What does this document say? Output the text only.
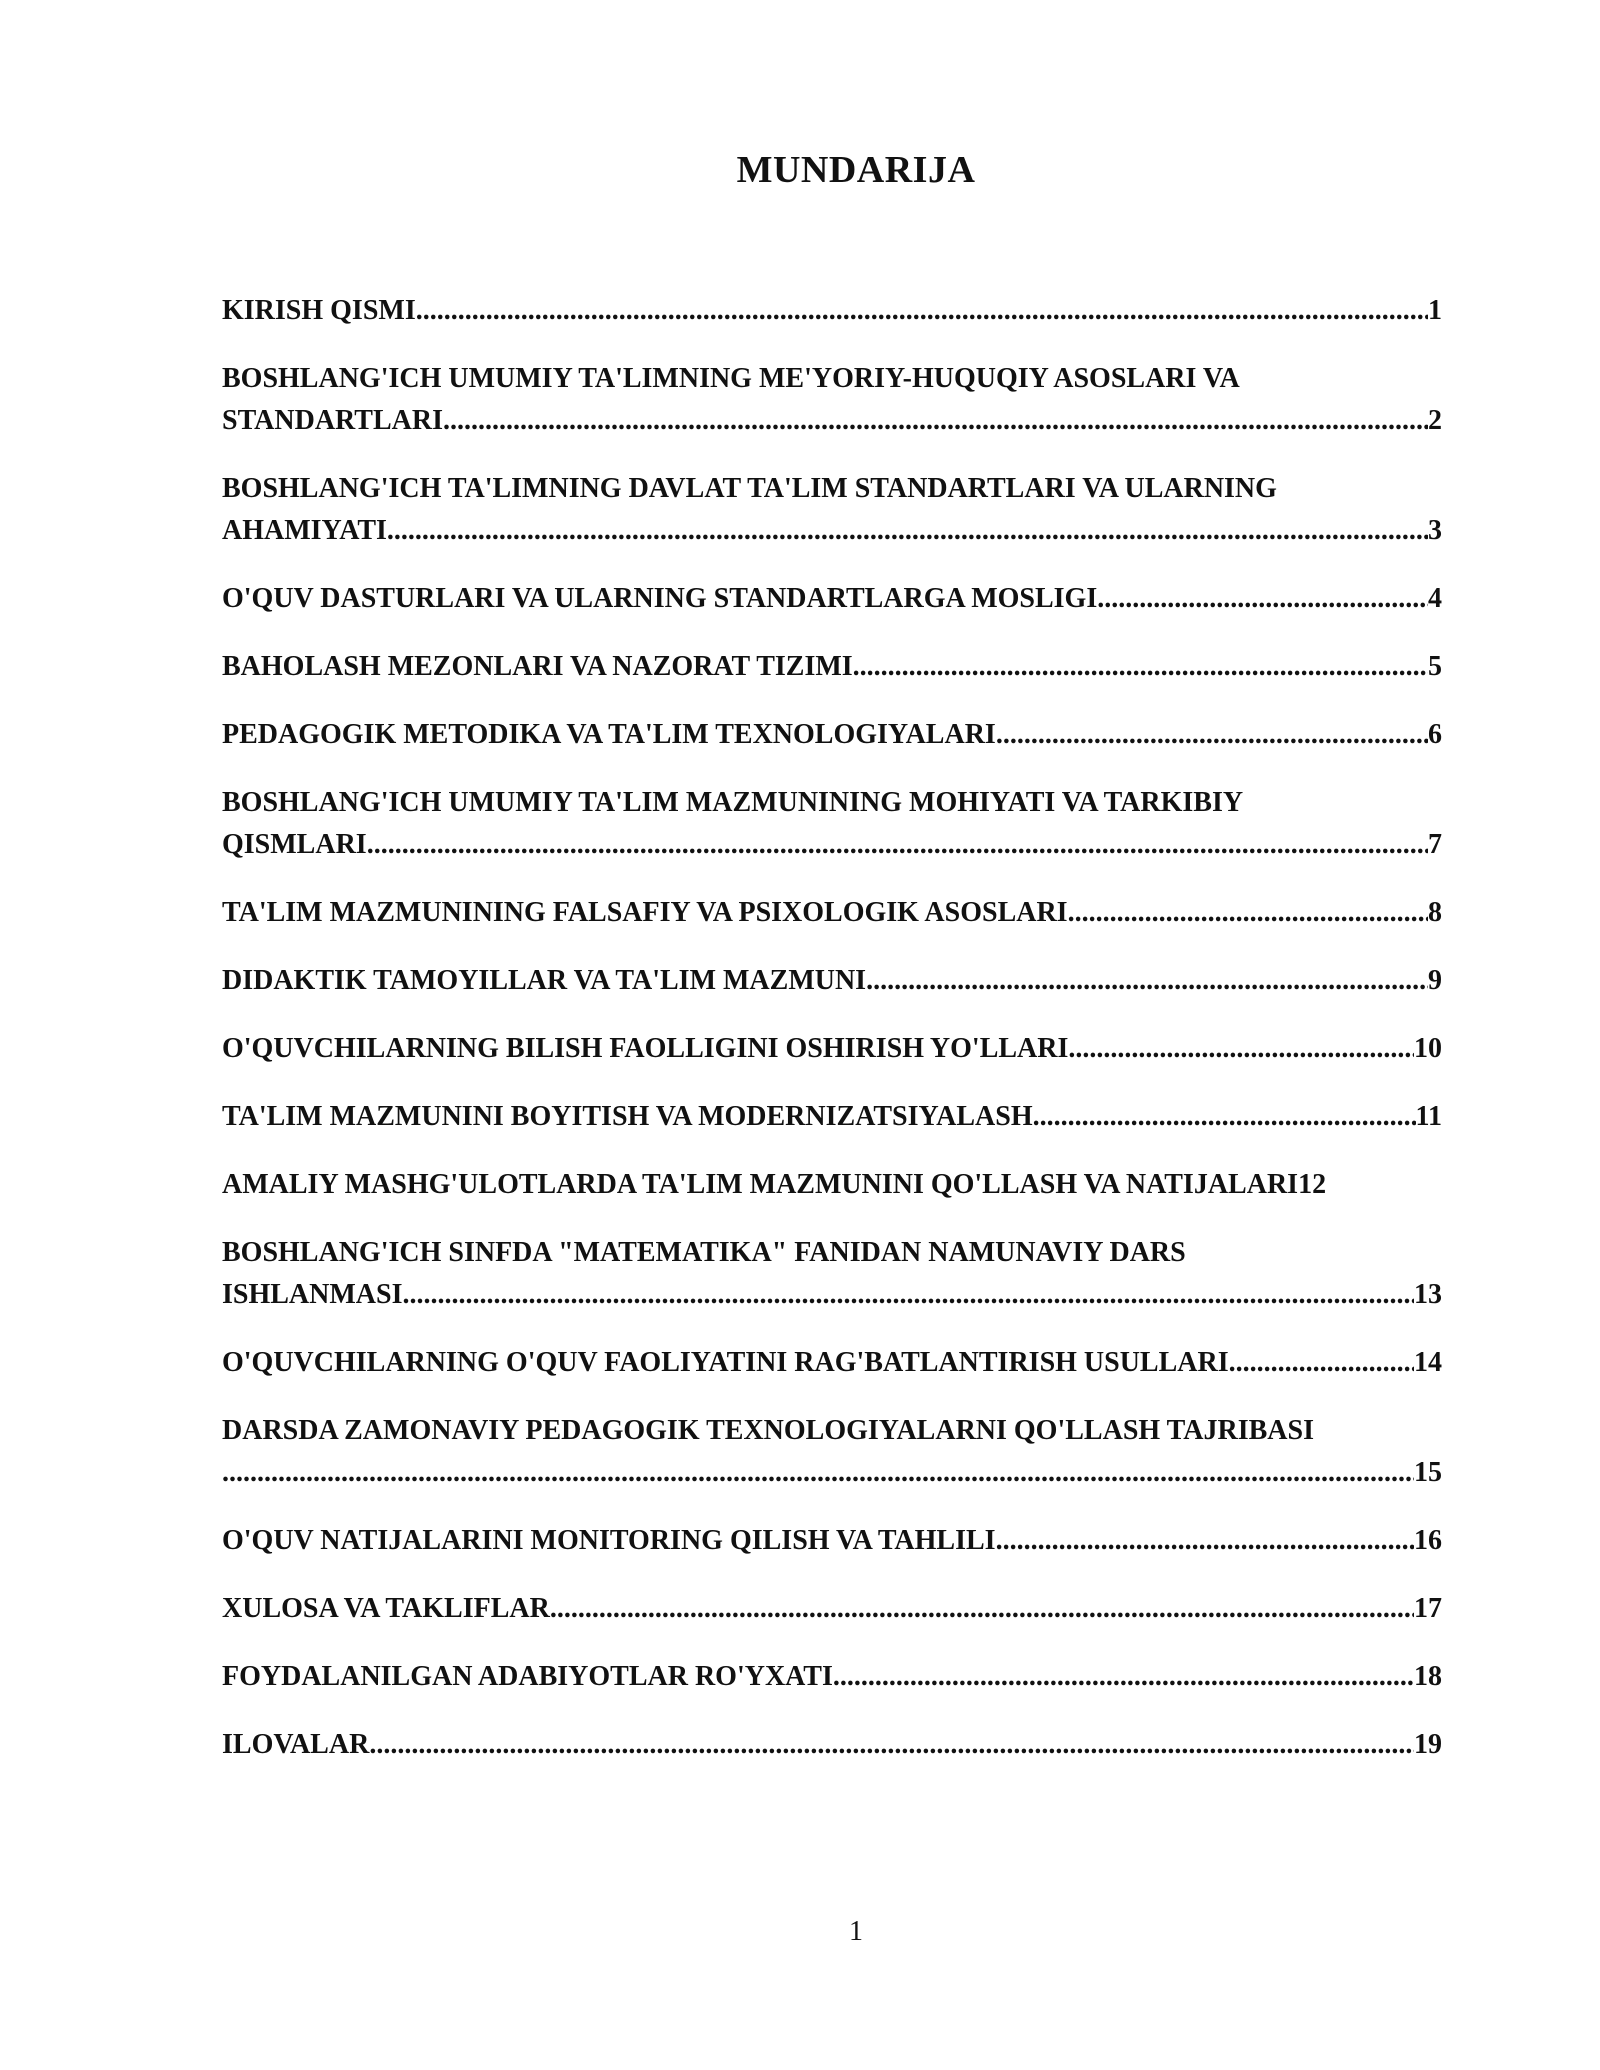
MUNDARIJA
KIRISH QISMI .....	1
BOSHLANG'ICH UMUMIY TA'LIMNING ME'YORIY-HUQUQIY ASOSLARI VA
STANDARTLARI .....	2
BOSHLANG'ICH TA'LIMNING DAVLAT TA'LIM STANDARTLARI VA ULARNING
AHAMIYATI .....	3
O'QUV DASTURLARI VA ULARNING STANDARTLARGA MOSLIGI .....	4
BAHOLASH MEZONLARI VA NAZORAT TIZIMI .....	5
PEDAGOGIK METODIKA VA TA'LIM TEXNOLOGIYALARI .....	6
BOSHLANG'ICH UMUMIY TA'LIM MAZMUNINING MOHIYATI VA TARKIBIY
QISMLARI .....	7
TA'LIM MAZMUNINING FALSAFIY VA PSIXOLOGIK ASOSLARI .....	8
DIDAKTIK TAMOYILLAR VA TA'LIM MAZMUNI .....	9
O'QUVCHILARNING BILISH FAOLLIGINI OSHIRISH YO'LLARI .....	10
TA'LIM MAZMUNINI BOYITISH VA MODERNIZATSIYALASH .....	11
AMALIY MASHG'ULOTLARDA TA'LIM MAZMUNINI QO'LLASH VA NATIJALARI 12
BOSHLANG'ICH SINFDA "MATEMATIKA" FANIDAN NAMUNAVIY DARS
ISHLANMASI .....	13
O'QUVCHILARNING O'QUV FAOLIYATINI RAG'BATLANTIRISH USULLARI .....	14
DARSDA ZAMONAVIY PEDAGOGIK TEXNOLOGIYALARNI QO'LLASH TAJRIBASI
.....
15
O'QUV NATIJALARINI MONITORING QILISH VA TAHLILI .....	16
XULOSA VA TAKLIFLAR .....	17
FOYDALANILGAN ADABIYOTLAR RO'YXATI .....	18
ILOVALAR .....	19
1
